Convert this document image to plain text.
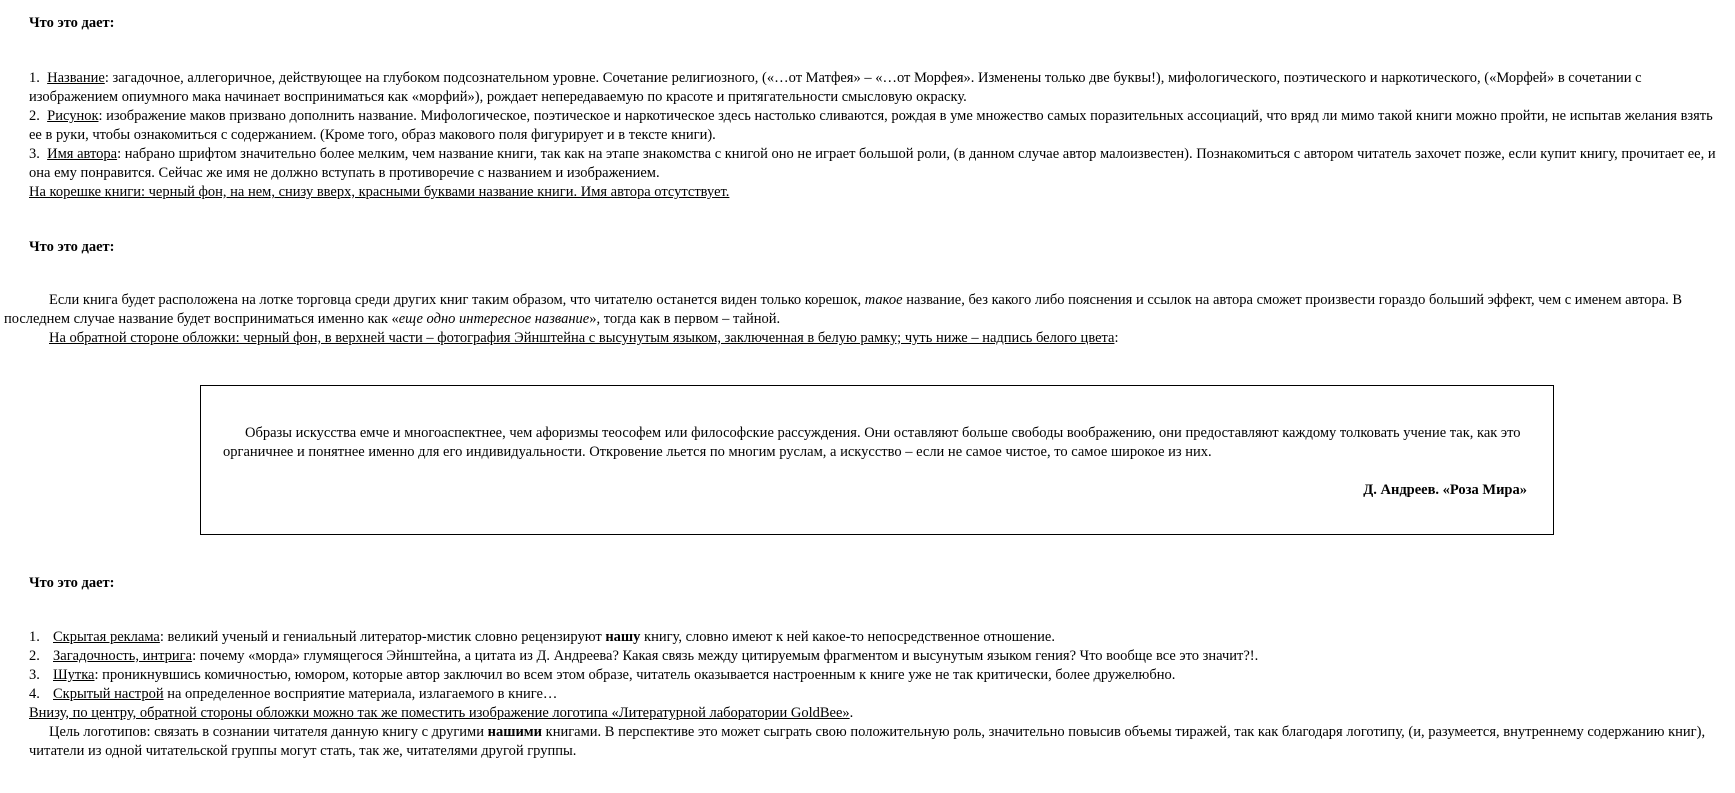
Что это дает:
1. Название: загадочное, аллегоричное, действующее на глубоком подсознательном уровне. Сочетание религиозного, («…от Матфея» – «…от Морфея». Изменены только две буквы!), мифологического, поэтического и наркотического, («Морфей» в сочетании с изображением опиумного мака начинает восприниматься как «морфий»), рождает непередаваемую по красоте и притягательности смысловую окраску.
2. Рисунок: изображение маков призвано дополнить название. Мифологическое, поэтическое и наркотическое здесь настолько сливаются, рождая в уме множество самых поразительных ассоциаций, что вряд ли мимо такой книги можно пройти, не испытав желания взять ее в руки, чтобы ознакомиться с содержанием. (Кроме того, образ макового поля фигурирует и в тексте книги).
3. Имя автора: набрано шрифтом значительно более мелким, чем название книги, так как на этапе знакомства с книгой оно не играет большой роли, (в данном случае автор малоизвестен). Познакомиться с автором читатель захочет позже, если купит книгу, прочитает ее, и она ему понравится. Сейчас же имя не должно вступать в противоречие с названием и изображением.
На корешке книги: черный фон, на нем, снизу вверх, красными буквами название книги. Имя автора отсутствует.
Что это дает:
Если книга будет расположена на лотке торговца среди других книг таким образом, что читателю останется виден только корешок, такое название, без какого либо пояснения и ссылок на автора сможет произвести гораздо больший эффект, чем с именем автора. В последнем случае название будет восприниматься именно как «еще одно интересное название», тогда как в первом – тайной.
На обратной стороне обложки: черный фон, в верхней части – фотография Эйнштейна с высунутым языком, заключенная в белую рамку; чуть ниже – надпись белого цвета:
Образы искусства емче и многоаспектнее, чем афоризмы теософем или философские рассуждения. Они оставляют больше свободы воображению, они предоставляют каждому толковать учение так, как это органичнее и понятнее именно для его индивидуальности. Откровение льется по многим руслам, а искусство – если не самое чистое, то самое широкое из них.
Д. Андреев. «Роза Мира»
Что это дает:
1. Скрытая реклама: великий ученый и гениальный литератор-мистик словно рецензируют нашу книгу, словно имеют к ней какое-то непосредственное отношение.
2. Загадочность, интрига: почему «морда» глумящегося Эйнштейна, а цитата из Д. Андреева? Какая связь между цитируемым фрагментом и высунутым языком гения? Что вообще все это значит?!.
3. Шутка: проникнувшись комичностью, юмором, которые автор заключил во всем этом образе, читатель оказывается настроенным к книге уже не так критически, более дружелюбно.
4. Скрытый настрой на определенное восприятие материала, излагаемого в книге…
Внизу, по центру, обратной стороны обложки можно так же поместить изображение логотипа «Литературной лаборатории GoldBee».
Цель логотипов: связать в сознании читателя данную книгу с другими нашими книгами. В перспективе это может сыграть свою положительную роль, значительно повысив объемы тиражей, так как благодаря логотипу, (и, разумеется, внутреннему содержанию книг), читатели из одной читательской группы могут стать, так же, читателями другой группы.
